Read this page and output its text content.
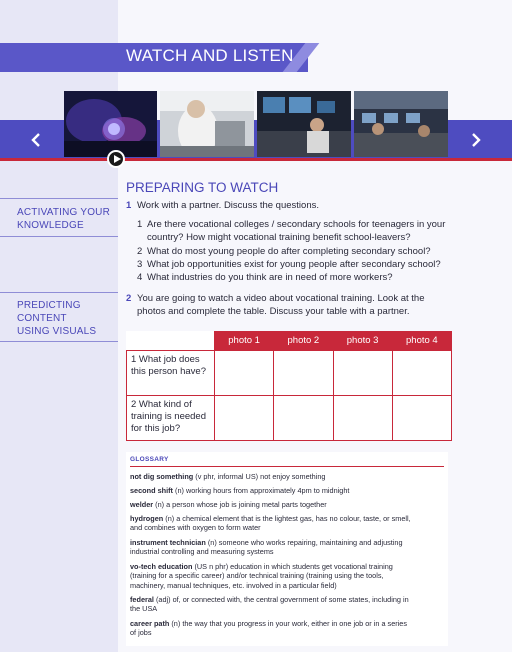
WATCH AND LISTEN
ACTIVATING YOUR
KNOWLEDGE
PREDICTING
CONTENT
USING VISUALS
PREPARING TO WATCH
1 Work with a partner. Discuss the questions.
1 Are there vocational colleges / secondary schools for teenagers in your
country? How might vocational training benefit school-leavers?
2 What do most young people do after completing secondary school?
3 What job opportunities exist for young people after secondary school?
4 What industries do you think are in need of more workers?
2 You are going to watch a video about vocational training. Look at the
photos and complete the table. Discuss your table with a partner.
	photo 1	photo 2	photo 3	photo 4

1 What job does
this person have?				

2 What kind of
training is needed
for this job?				

GLOSSARY
not dig something (v phr, informal US) not enjoy something
second shift (n) working hours from approximately 4pm to midnight
welder (n) a person whose job is joining metal parts together
hydrogen (n) a chemical element that is the lightest gas, has no colour, taste, or smell,
and combines with oxygen to form water
instrument technician (n) someone who works repairing, maintaining and adjusting
industrial controlling and measuring systems
vo-tech education (US n phr) education in which students get vocational training
(training for a specific career) and/or technical training (training using the tools,
machinery, manual techniques, etc. involved in a particular field)
federal (adj) of, or connected with, the central government of some states, including in
the USA
career path (n) the way that you progress in your work, either in one job or in a series
of jobs
